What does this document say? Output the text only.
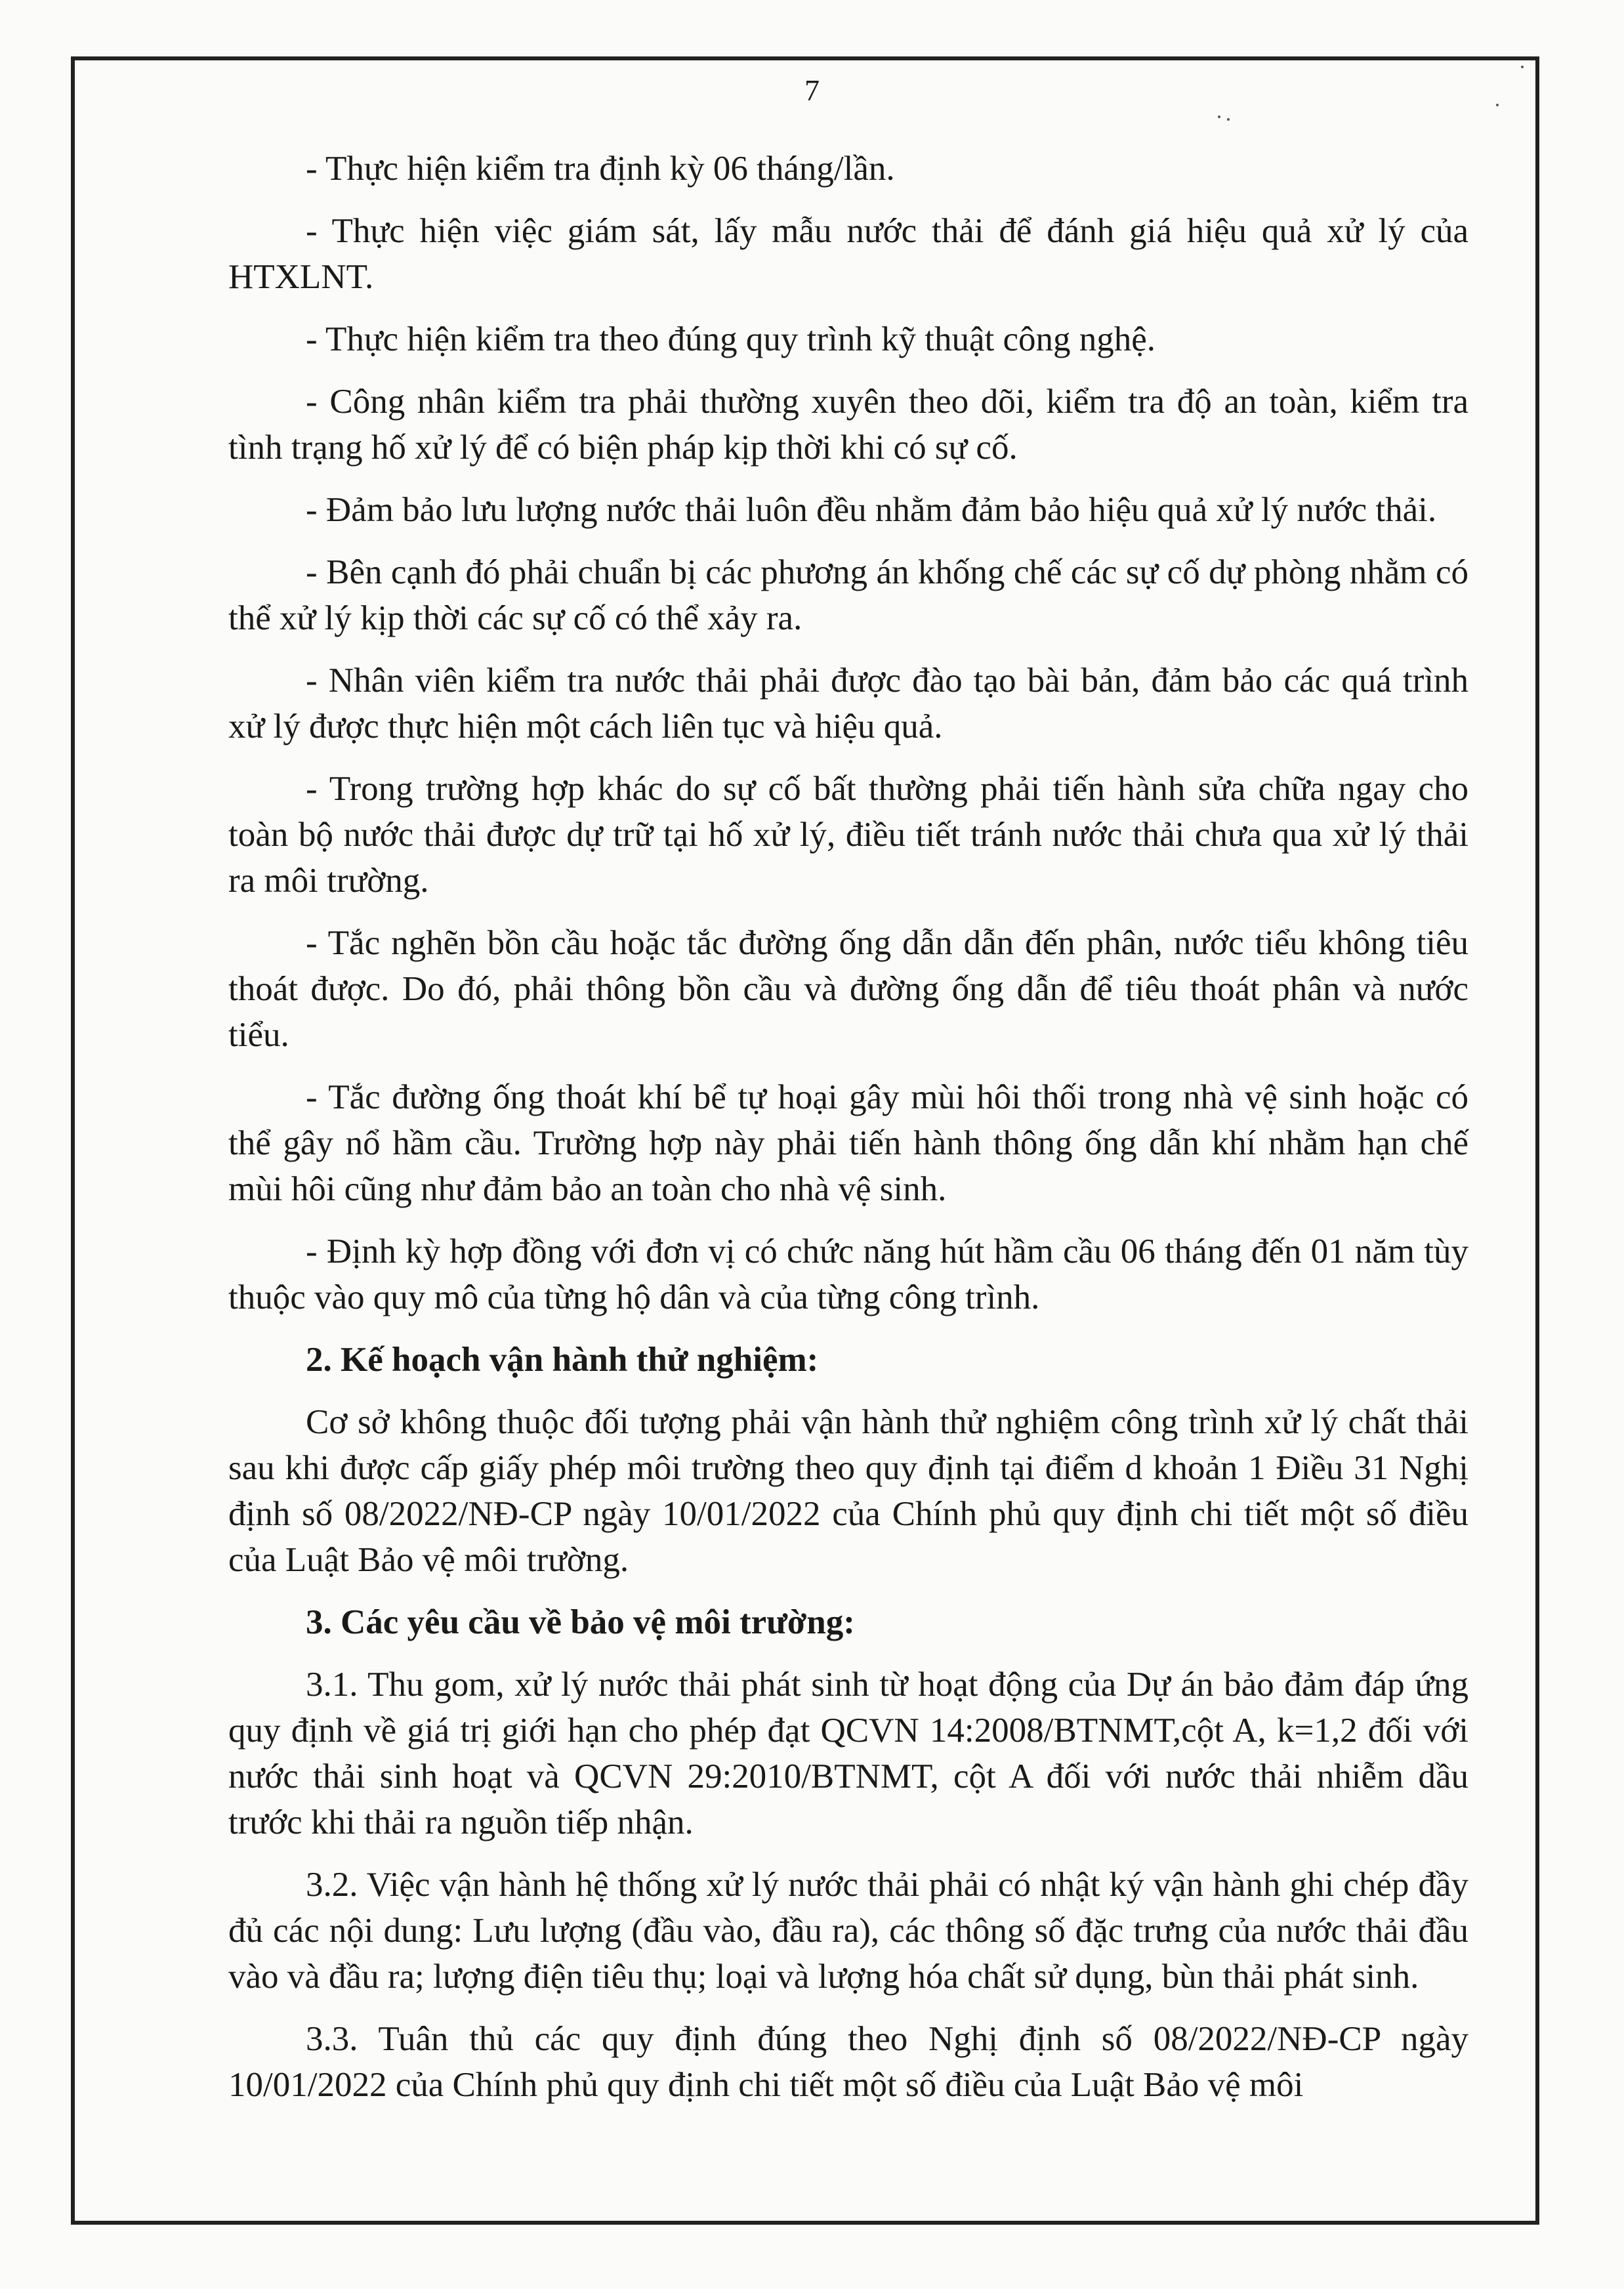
7

- Thực hiện kiểm tra định kỳ 06 tháng/lần.

- Thực hiện việc giám sát, lấy mẫu nước thải để đánh giá hiệu quả xử lý của HTXLNT.

- Thực hiện kiểm tra theo đúng quy trình kỹ thuật công nghệ.

- Công nhân kiểm tra phải thường xuyên theo dõi, kiểm tra độ an toàn, kiểm tra tình trạng hố xử lý để có biện pháp kịp thời khi có sự cố.

- Đảm bảo lưu lượng nước thải luôn đều nhằm đảm bảo hiệu quả xử lý nước thải.

- Bên cạnh đó phải chuẩn bị các phương án khống chế các sự cố dự phòng nhằm có thể xử lý kịp thời các sự cố có thể xảy ra.

- Nhân viên kiểm tra nước thải phải được đào tạo bài bản, đảm bảo các quá trình xử lý được thực hiện một cách liên tục và hiệu quả.

- Trong trường hợp khác do sự cố bất thường phải tiến hành sửa chữa ngay cho toàn bộ nước thải được dự trữ tại hố xử lý, điều tiết tránh nước thải chưa qua xử lý thải ra môi trường.

- Tắc nghẽn bồn cầu hoặc tắc đường ống dẫn dẫn đến phân, nước tiểu không tiêu thoát được. Do đó, phải thông bồn cầu và đường ống dẫn để tiêu thoát phân và nước tiểu.

- Tắc đường ống thoát khí bể tự hoại gây mùi hôi thối trong nhà vệ sinh hoặc có thể gây nổ hầm cầu. Trường hợp này phải tiến hành thông ống dẫn khí nhằm hạn chế mùi hôi cũng như đảm bảo an toàn cho nhà vệ sinh.

- Định kỳ hợp đồng với đơn vị có chức năng hút hầm cầu 06 tháng đến 01 năm tùy thuộc vào quy mô của từng hộ dân và của từng công trình.

2. Kế hoạch vận hành thử nghiệm:

Cơ sở không thuộc đối tượng phải vận hành thử nghiệm công trình xử lý chất thải sau khi được cấp giấy phép môi trường theo quy định tại điểm d khoản 1 Điều 31 Nghị định số 08/2022/NĐ-CP ngày 10/01/2022 của Chính phủ quy định chi tiết một số điều của Luật Bảo vệ môi trường.

3. Các yêu cầu về bảo vệ môi trường:

3.1. Thu gom, xử lý nước thải phát sinh từ hoạt động của Dự án bảo đảm đáp ứng quy định về giá trị giới hạn cho phép đạt QCVN 14:2008/BTNMT,cột A, k=1,2 đối với nước thải sinh hoạt và QCVN 29:2010/BTNMT, cột A đối với nước thải nhiễm dầu trước khi thải ra nguồn tiếp nhận.

3.2. Việc vận hành hệ thống xử lý nước thải phải có nhật ký vận hành ghi chép đầy đủ các nội dung: Lưu lượng (đầu vào, đầu ra), các thông số đặc trưng của nước thải đầu vào và đầu ra; lượng điện tiêu thụ; loại và lượng hóa chất sử dụng, bùn thải phát sinh.

3.3. Tuân thủ các quy định đúng theo Nghị định số 08/2022/NĐ-CP ngày 10/01/2022 của Chính phủ quy định chi tiết một số điều của Luật Bảo vệ môi
